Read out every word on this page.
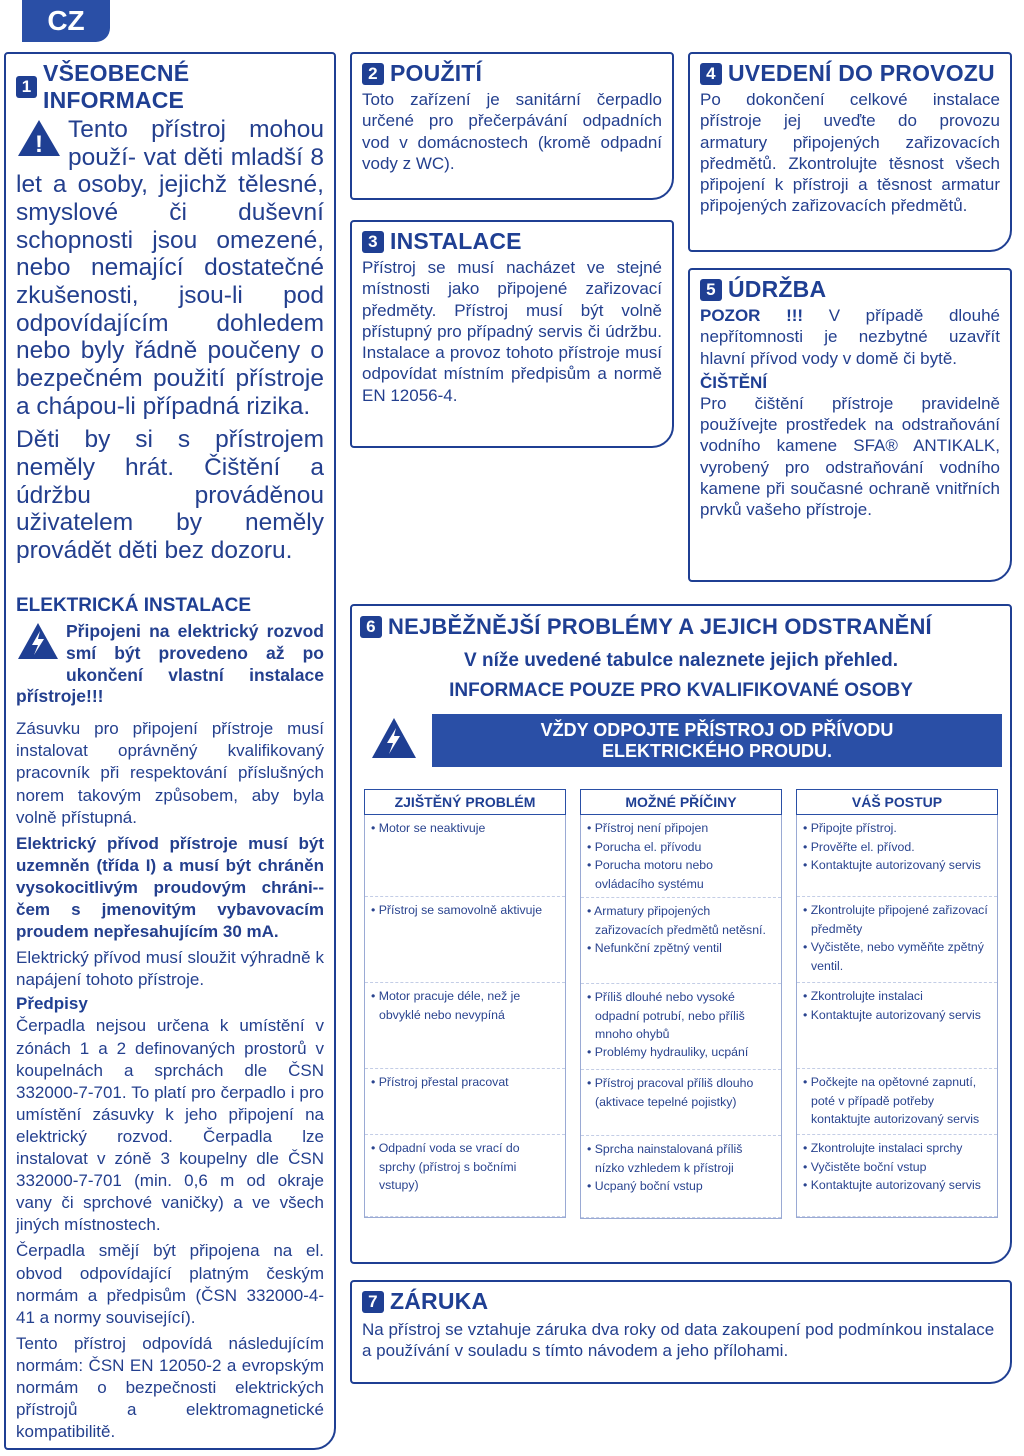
CZ
1
VŠEOBECNÉ INFORMACE
!
Tento přístroj mohou použí- vat děti mladší 8 let a osoby, jejichž tělesné, smyslové či duševní schopnosti jsou omezené, nebo nemající dostatečné zkušenosti, jsou-li pod odpovídajícím dohledem nebo byly řádně poučeny o bezpečném použití přístroje a chápou-li případná rizika.
Děti by si s přístrojem neměly hrát. Čištění a údržbu prováděnou uživatelem by neměly provádět děti bez dozoru.
ELEKTRICKÁ INSTALACE
Připojeni na elektrický rozvod smí být provedeno až po ukončení vlastní instalace přístroje!!!
Zásuvku pro připojení přístroje musí instalovat oprávněný kvalifikovaný pracovník při respektování příslušných norem takovým způsobem, aby byla volně přístupná.
Elektrický přívod přístroje musí být uzemněn (třída I) a musí být chráněn vysokocitlivým proudovým chráni--čem s jmenovitým vybavovacím proudem nepřesahujícím 30 mA.
Elektrický přívod musí sloužit výhradně k napájení tohoto přístroje.
Předpisy
Čerpadla nejsou určena k umístění v zónách 1 a 2 definovaných prostorů v koupelnách a sprchách dle ČSN 332000-7-701. To platí pro čerpadlo i pro umístění zásuvky k jeho připojení na elektrický rozvod. Čerpadla lze instalovat v zóně 3 koupelny dle ČSN 332000-7-701 (min. 0,6 m od okraje vany či sprchové vaničky) a ve všech jiných místnostech.
Čerpadla smějí být připojena na el. obvod odpovídající platným českým normám a předpisům (ČSN 332000-4-41 a normy související).
Tento přístroj odpovídá následujícím normám: ČSN EN 12050-2 a evropským normám o bezpečnosti elektrických přístrojů a elektromagnetické kompatibilitě.
2 POUŽITÍ
Toto zařízení je sanitární čerpadlo určené pro přečerpávání odpadních vod v domácnostech (kromě odpadní vody z WC).
3 INSTALACE
Přístroj se musí nacházet ve stejné místnosti jako připojené zařizovací předměty. Přístroj musí být volně přístupný pro případný servis či údržbu. Instalace a provoz tohoto přístroje musí odpovídat místním předpisům a normě EN 12056-4.
4 UVEDENÍ DO PROVOZU
Po dokončení celkové instalace přístroje jej uveďte do provozu armatury připojených zařizovacích předmětů. Zkontrolujte těsnost všech připojení k přístroji a těsnost armatur připojených zařizovacích předmětů.
5 ÚDRŽBA
POZOR !!! V případě dlouhé nepřítomnosti je nezbytné uzavřít hlavní přívod vody v domě či bytě.
ČIŠTĚNÍ
Pro čištění přístroje pravidelně používejte prostředek na odstraňování vodního kamene SFA® ANTIKALK, vyrobený pro odstraňování vodního kamene při současné ochraně vnitřních prvků vašeho přístroje.
6 NEJBĚŽNĚJŠÍ PROBLÉMY A JEJICH ODSTRANĚNÍ
V níže uvedené tabulce naleznete jejich přehled.
INFORMACE POUZE PRO KVALIFIKOVANÉ OSOBY
VŽDY ODPOJTE PŘÍSTROJ OD PŘÍVODU ELEKTRICKÉHO PROUDU.
ZJIŠTĚNÝ PROBLÉM
• Motor se neaktivuje
• Přístroj se samovolně aktivuje
• Motor pracuje déle, než je obvyklé nebo nevypíná
• Přístroj přestal pracovat
• Odpadní voda se vrací do sprchy (přístroj s bočními vstupy)
MOŽNÉ PŘÍČINY
• Přístroj není připojen
• Porucha el. přívodu
• Porucha motoru nebo ovládacího systému
• Armatury připojených zařizovacích předmětů netěsní.
• Nefunkční zpětný ventil
• Příliš dlouhé nebo vysoké odpadní potrubí, nebo příliš mnoho ohybů
• Problémy hydrauliky, ucpání
• Přístroj pracoval příliš dlouho (aktivace tepelné pojistky)
• Sprcha nainstalovaná příliš nízko vzhledem k přístroji
• Ucpaný boční vstup
VÁŠ POSTUP
• Připojte přístroj.
• Prověřte el. přívod.
• Kontaktujte autorizovaný servis
• Zkontrolujte připojené zařizovací předměty
• Vyčistěte, nebo vyměňte zpětný ventil.
• Zkontrolujte instalaci
• Kontaktujte autorizovaný servis
• Počkejte na opětovné zapnutí, poté v případě potřeby kontaktujte autorizovaný servis
• Zkontrolujte instalaci sprchy
• Vyčistěte boční vstup
• Kontaktujte autorizovaný servis
7 ZÁRUKA
Na přístroj se vztahuje záruka dva roky od data zakoupení pod podmínkou instalace a používání v souladu s tímto návodem a jeho přílohami.
